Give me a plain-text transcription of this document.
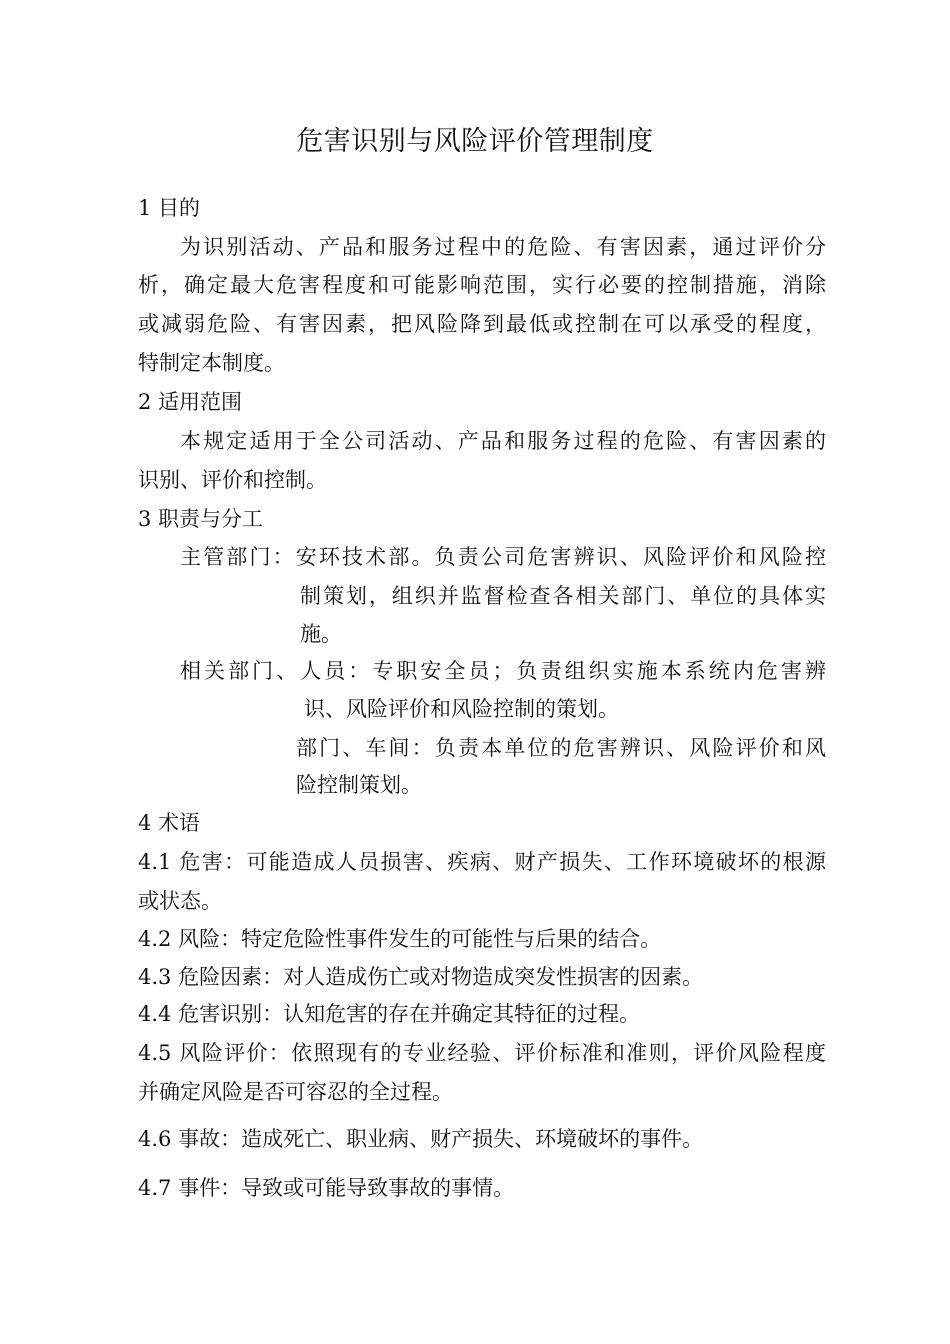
危害识别与风险评价管理制度
1 目的
为识别活动、产品和服务过程中的危险、有害因素，通过评价分
析，确定最大危害程度和可能影响范围，实行必要的控制措施，消除
或减弱危险、有害因素，把风险降到最低或控制在可以承受的程度，
特制定本制度。
2 适用范围
本规定适用于全公司活动、产品和服务过程的危险、有害因素的
识别、评价和控制。
3 职责与分工
主管部门：安环技术部。负责公司危害辨识、风险评价和风险控
制策划，组织并监督检查各相关部门、单位的具体实
施。
相关部门、人员：专职安全员；负责组织实施本系统内危害辨
识、风险评价和风险控制的策划。
部门、车间：负责本单位的危害辨识、风险评价和风
险控制策划。
4 术语
4.1 危害：可能造成人员损害、疾病、财产损失、工作环境破坏的根源
或状态。
4.2 风险：特定危险性事件发生的可能性与后果的结合。
4.3 危险因素：对人造成伤亡或对物造成突发性损害的因素。
4.4 危害识别：认知危害的存在并确定其特征的过程。
4.5 风险评价：依照现有的专业经验、评价标准和准则，评价风险程度
并确定风险是否可容忍的全过程。
4.6 事故：造成死亡、职业病、财产损失、环境破坏的事件。
4.7 事件：导致或可能导致事故的事情。
